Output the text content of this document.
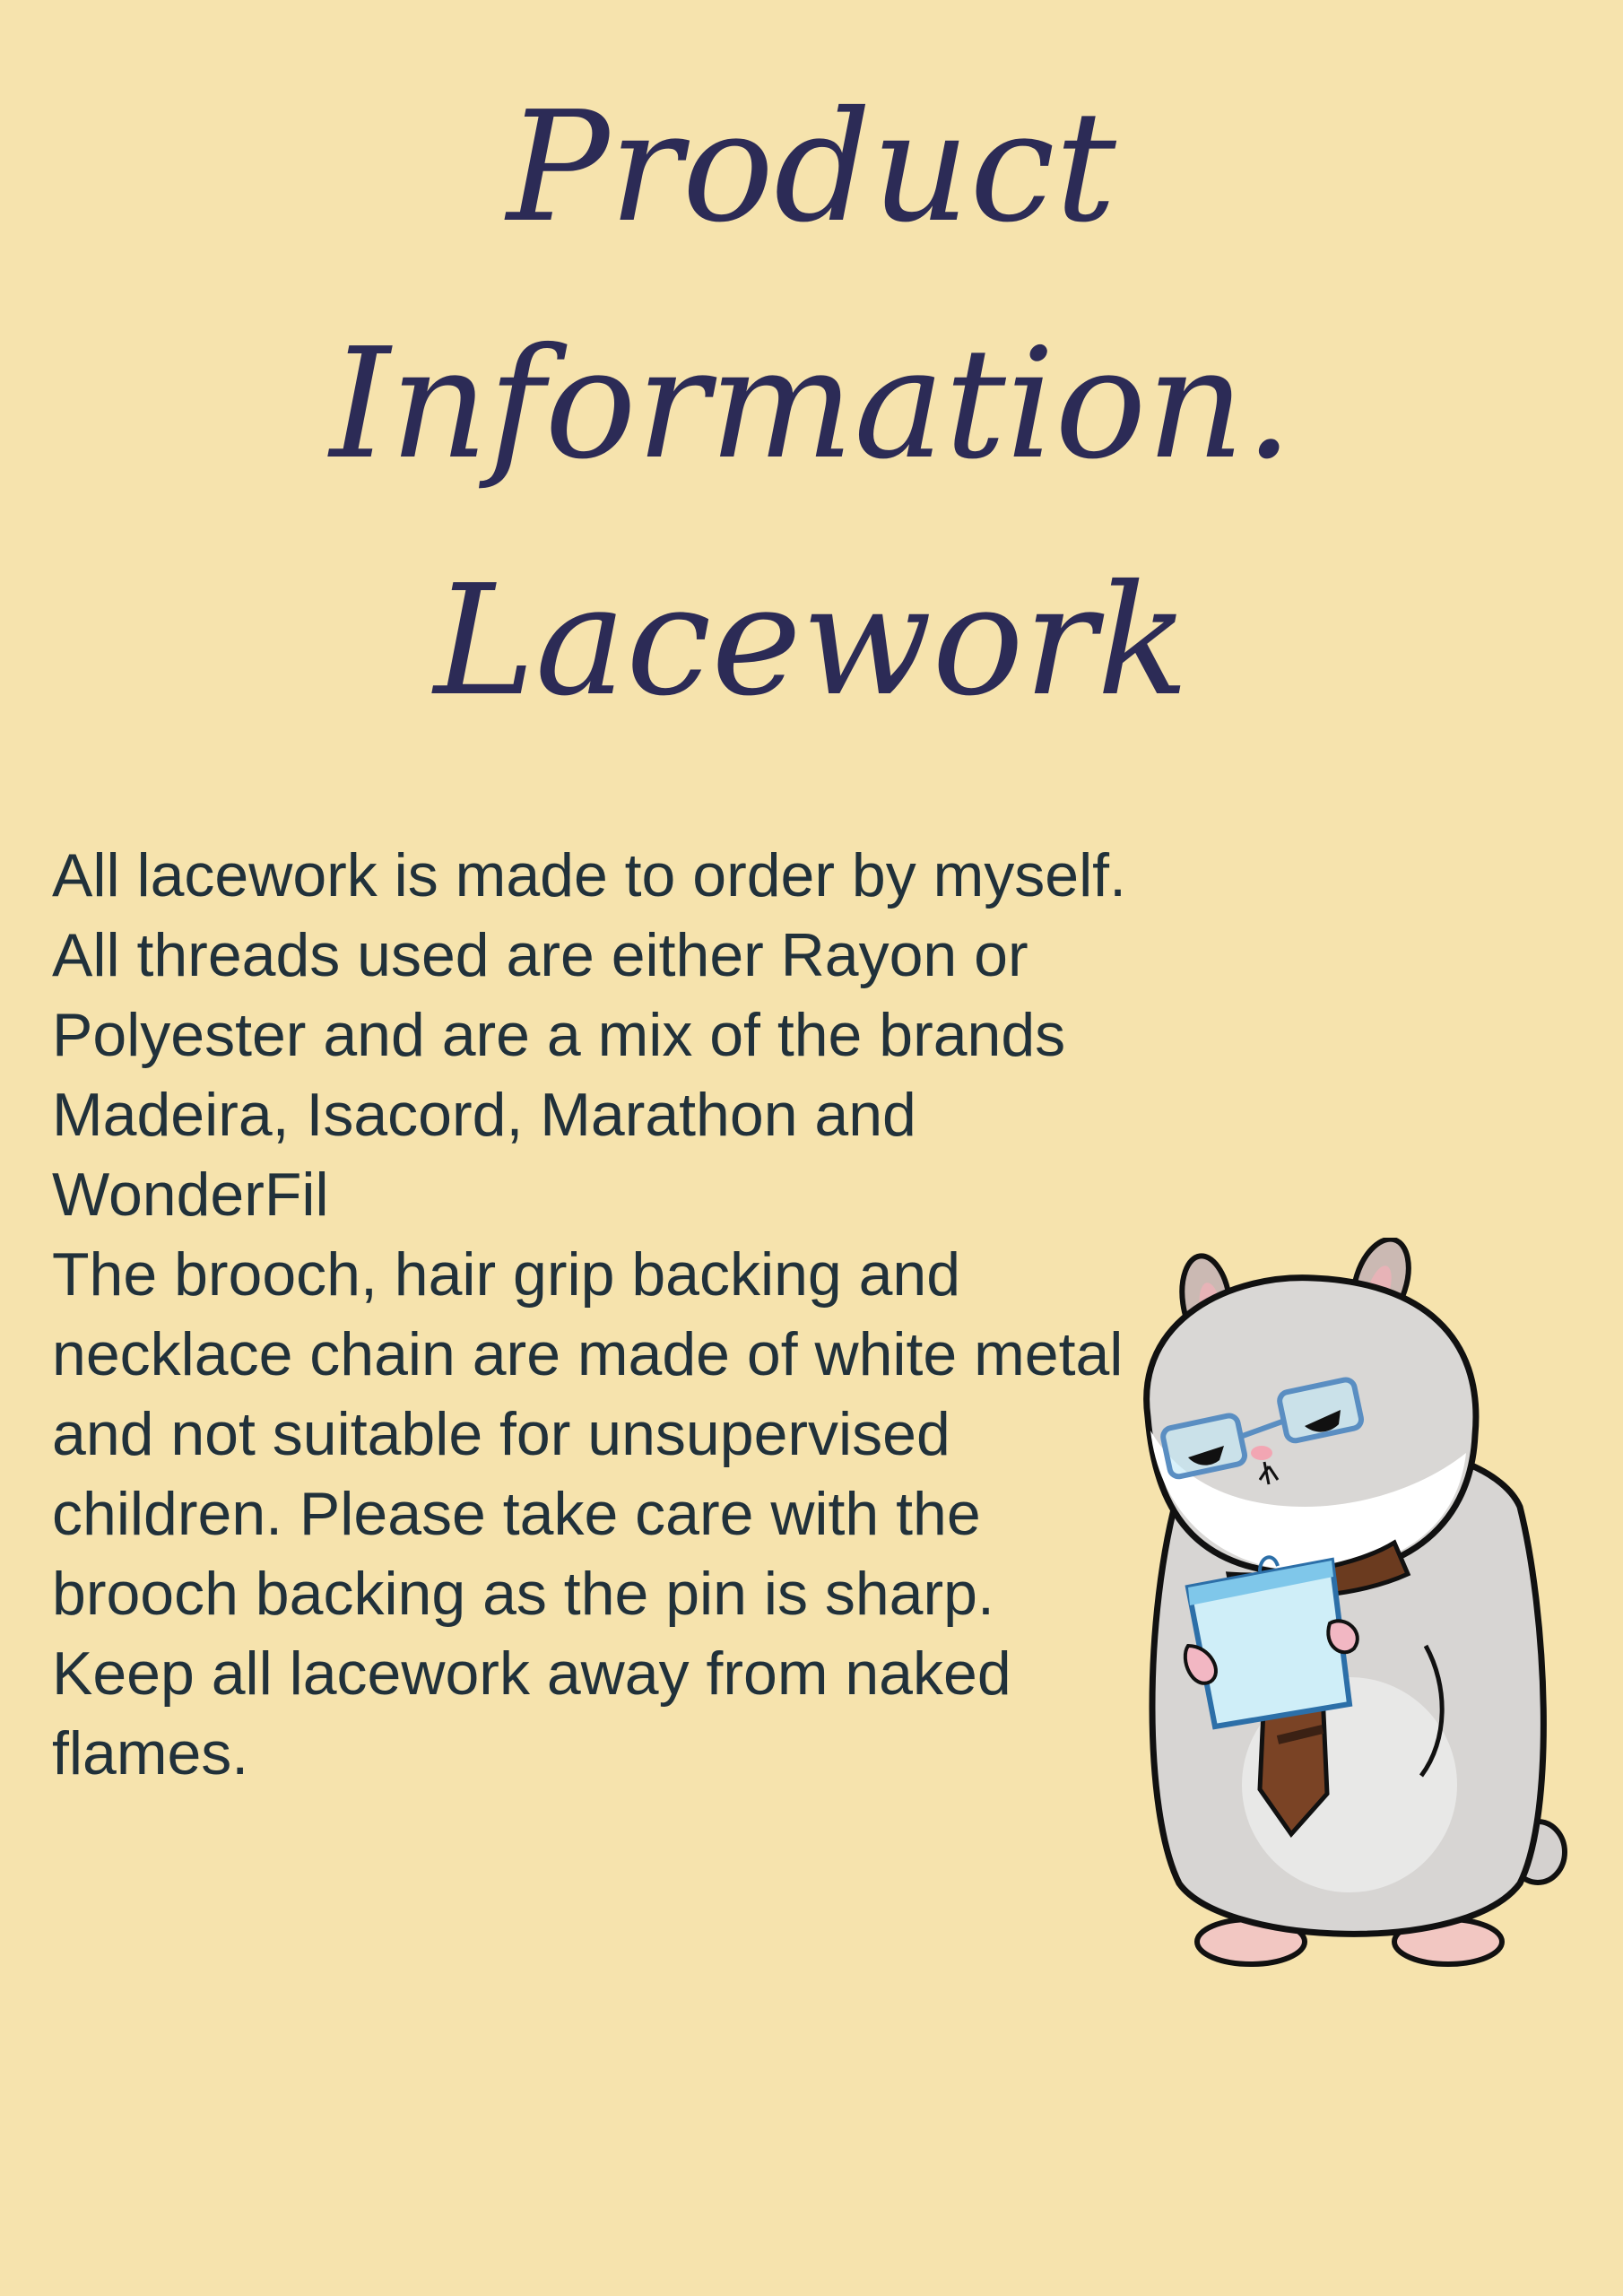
Product
Information.
Lacework

All lacework is made to order by myself.

All threads used are either Rayon or Polyester and are a mix of the brands Madeira, Isacord, Marathon and WonderFil

The brooch, hair grip backing and necklace chain are made of white metal and not suitable for unsupervised children. Please take care with the brooch backing as the pin is sharp.

Keep all lacework away from naked flames.
